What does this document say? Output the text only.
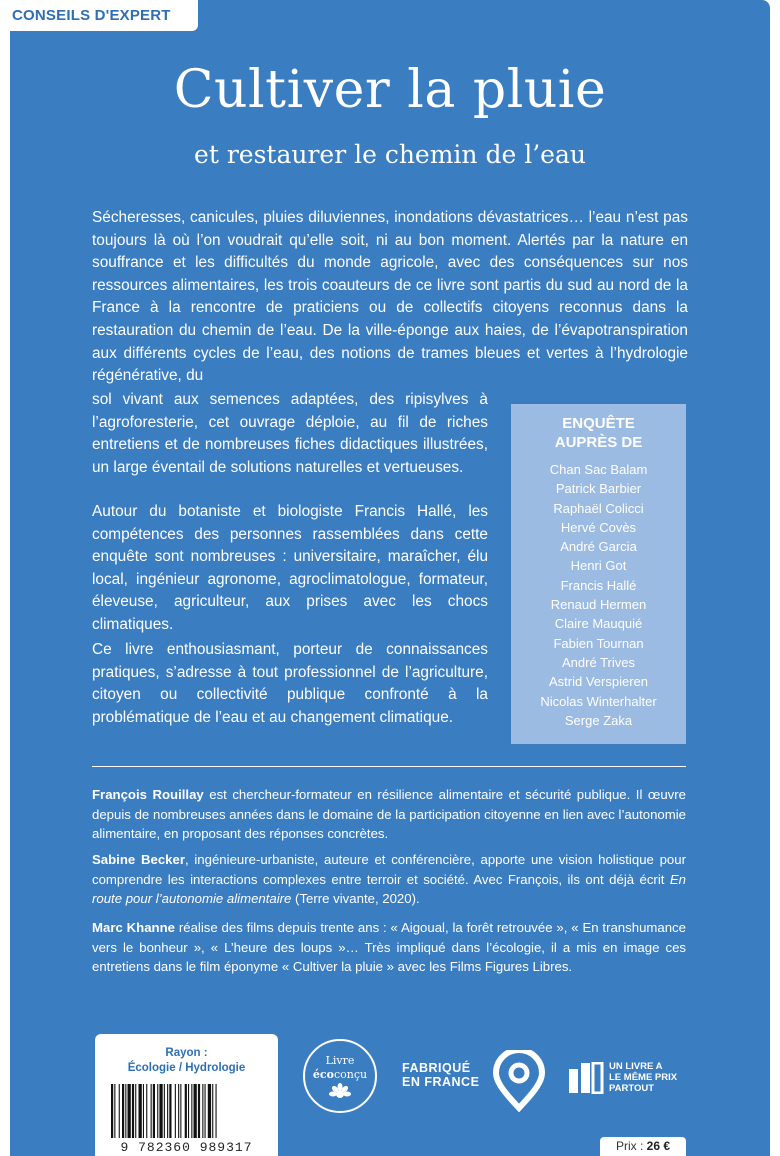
CONSEILS D'EXPERT
Cultiver la pluie
et restaurer le chemin de l’eau
Sécheresses, canicules, pluies diluviennes, inondations dévastatrices… l’eau n’est pas toujours là où l’on voudrait qu’elle soit, ni au bon moment. Alertés par la nature en souffrance et les difficultés du monde agricole, avec des conséquences sur nos ressources alimentaires, les trois coauteurs de ce livre sont partis du sud au nord de la France à la rencontre de praticiens ou de collectifs citoyens reconnus dans la restauration du chemin de l’eau. De la ville-éponge aux haies, de l’évapotranspiration aux différents cycles de l’eau, des notions de trames bleues et vertes à l’hydrologie régénérative, du
sol vivant aux semences adaptées, des ripisylves à l’agroforesterie, cet ouvrage déploie, au fil de riches entretiens et de nombreuses fiches didactiques illustrées, un large éventail de solutions naturelles et vertueuses.
Autour du botaniste et biologiste Francis Hallé, les compétences des personnes rassemblées dans cette enquête sont nombreuses : universitaire, maraîcher, élu local, ingénieur agronome, agroclimatologue, formateur, éleveuse, agriculteur, aux prises avec les chocs climatiques.
Ce livre enthousiasmant, porteur de connaissances pratiques, s’adresse à tout professionnel de l’agriculture, citoyen ou collectivité publique confronté à la problématique de l’eau et au changement climatique.
ENQUÊTE
AUPRÈS DE
Chan Sac Balam
Patrick Barbier
Raphaël Colicci
Hervé Covès
André Garcia
Henri Got
Francis Hallé
Renaud Hermen
Claire Mauquié
Fabien Tournan
André Trives
Astrid Verspieren
Nicolas Winterhalter
Serge Zaka
François Rouillay est chercheur-formateur en résilience alimentaire et sécurité publique. Il œuvre depuis de nombreuses années dans le domaine de la participation citoyenne en lien avec l’autonomie alimentaire, en proposant des réponses concrètes.
Sabine Becker, ingénieure-urbaniste, auteure et conférencière, apporte une vision holistique pour comprendre les interactions complexes entre terroir et société. Avec François, ils ont déjà écrit En route pour l’autonomie alimentaire (Terre vivante, 2020).
Marc Khanne réalise des films depuis trente ans : « Aigoual, la forêt retrouvée », « En transhumance vers le bonheur », « L’heure des loups »… Très impliqué dans l’écologie, il a mis en image ces entretiens dans le film éponyme « Cultiver la pluie » avec les Films Figures Libres.
Rayon :
Écologie / Hydrologie
9 782360 989317
Livre
écoconçu	FABRIQUÉ
EN FRANCE
UN LIVRE A
LE MÊME PRIX
PARTOUT
Prix : 26 €
